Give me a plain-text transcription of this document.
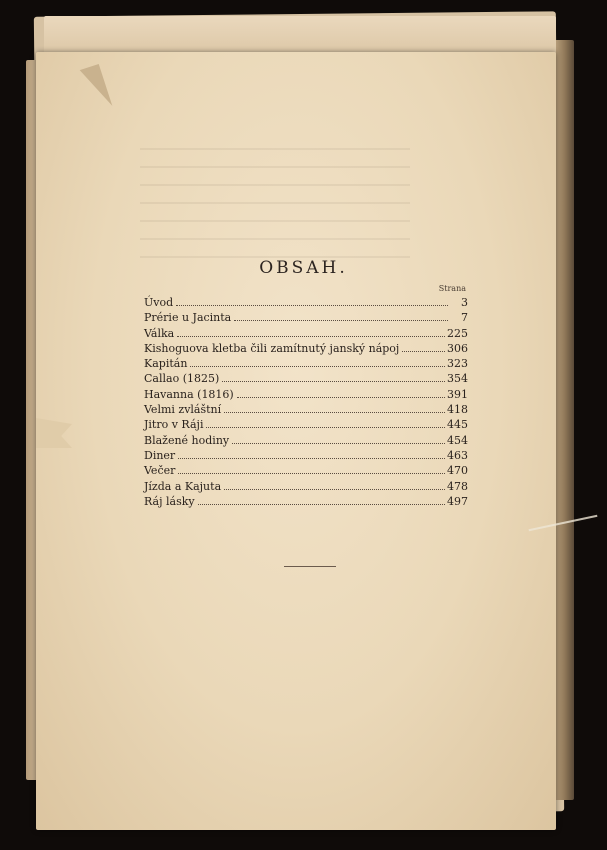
OBSAH.
Strana
Úvod	3
Prérie u Jacinta	7
Válka	225
Kishoguova kletba čili zamítnutý janský nápoj	306
Kapitán	323
Callao (1825)	354
Havanna (1816)	391
Velmi zvláštní	418
Jitro v Ráji	445
Blažené hodiny	454
Diner	463
Večer	470
Jízda a Kajuta	478
Ráj lásky	497
